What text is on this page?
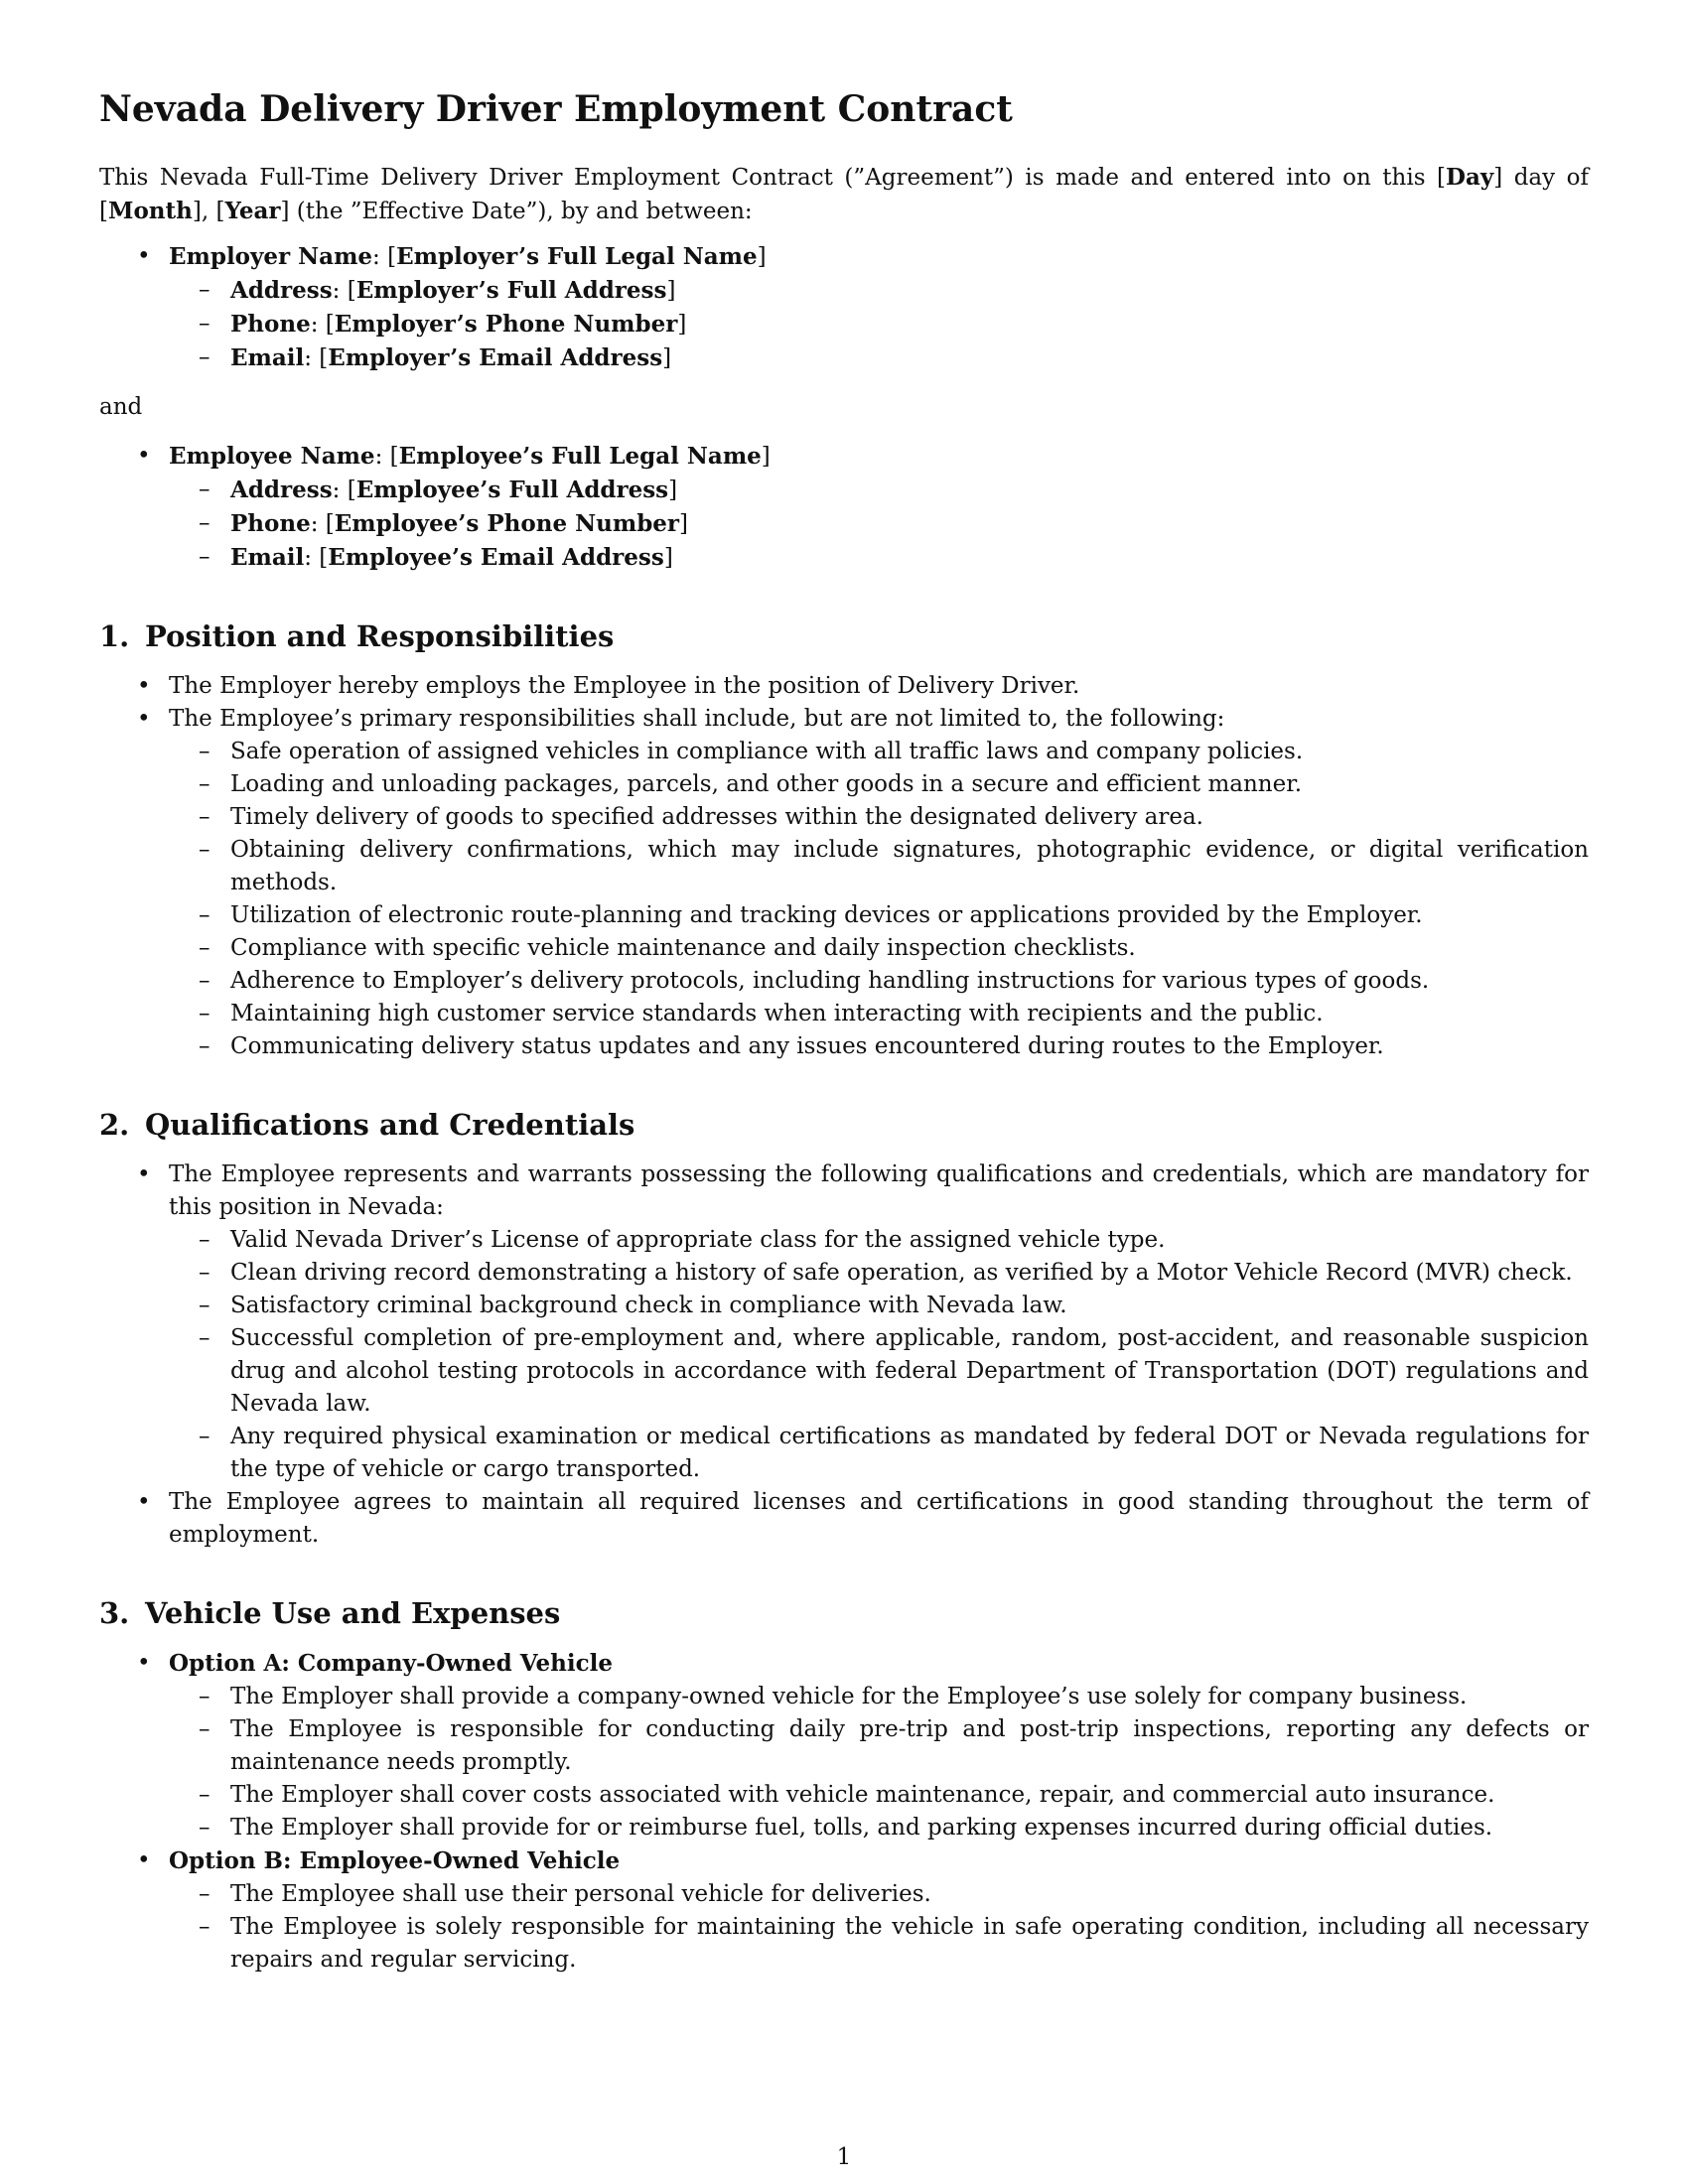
Nevada Delivery Driver Employment Contract

This Nevada Full-Time Delivery Driver Employment Contract (”Agreement”) is made and entered into on this [Day] day of [Month], [Year] (the ”Effective Date”), by and between:

• Employer Name: [Employer’s Full Legal Name]
– Address: [Employer’s Full Address]
– Phone: [Employer’s Phone Number]
– Email: [Employer’s Email Address]

and

• Employee Name: [Employee’s Full Legal Name]
– Address: [Employee’s Full Address]
– Phone: [Employee’s Phone Number]
– Email: [Employee’s Email Address]
1. Position and Responsibilities
• The Employer hereby employs the Employee in the position of Delivery Driver.
• The Employee’s primary responsibilities shall include, but are not limited to, the following:
– Safe operation of assigned vehicles in compliance with all traffic laws and company policies.
– Loading and unloading packages, parcels, and other goods in a secure and efficient manner.
– Timely delivery of goods to specified addresses within the designated delivery area.
– Obtaining delivery confirmations, which may include signatures, photographic evidence, or digital verification methods.
– Utilization of electronic route-planning and tracking devices or applications provided by the Employer.
– Compliance with specific vehicle maintenance and daily inspection checklists.
– Adherence to Employer’s delivery protocols, including handling instructions for various types of goods.
– Maintaining high customer service standards when interacting with recipients and the public.
– Communicating delivery status updates and any issues encountered during routes to the Employer.
2. Qualifications and Credentials
• The Employee represents and warrants possessing the following qualifications and credentials, which are mandatory for this position in Nevada:
– Valid Nevada Driver’s License of appropriate class for the assigned vehicle type.
– Clean driving record demonstrating a history of safe operation, as verified by a Motor Vehicle Record (MVR) check.
– Satisfactory criminal background check in compliance with Nevada law.
– Successful completion of pre-employment and, where applicable, random, post-accident, and reasonable suspicion drug and alcohol testing protocols in accordance with federal Department of Transportation (DOT) regulations and Nevada law.
– Any required physical examination or medical certifications as mandated by federal DOT or Nevada regulations for the type of vehicle or cargo transported.
• The Employee agrees to maintain all required licenses and certifications in good standing throughout the term of employment.
3. Vehicle Use and Expenses
• Option A: Company-Owned Vehicle
– The Employer shall provide a company-owned vehicle for the Employee’s use solely for company business.
– The Employee is responsible for conducting daily pre-trip and post-trip inspections, reporting any defects or maintenance needs promptly.
– The Employer shall cover costs associated with vehicle maintenance, repair, and commercial auto insurance.
– The Employer shall provide for or reimburse fuel, tolls, and parking expenses incurred during official duties.
• Option B: Employee-Owned Vehicle
– The Employee shall use their personal vehicle for deliveries.
– The Employee is solely responsible for maintaining the vehicle in safe operating condition, including all necessary repairs and regular servicing.
1
